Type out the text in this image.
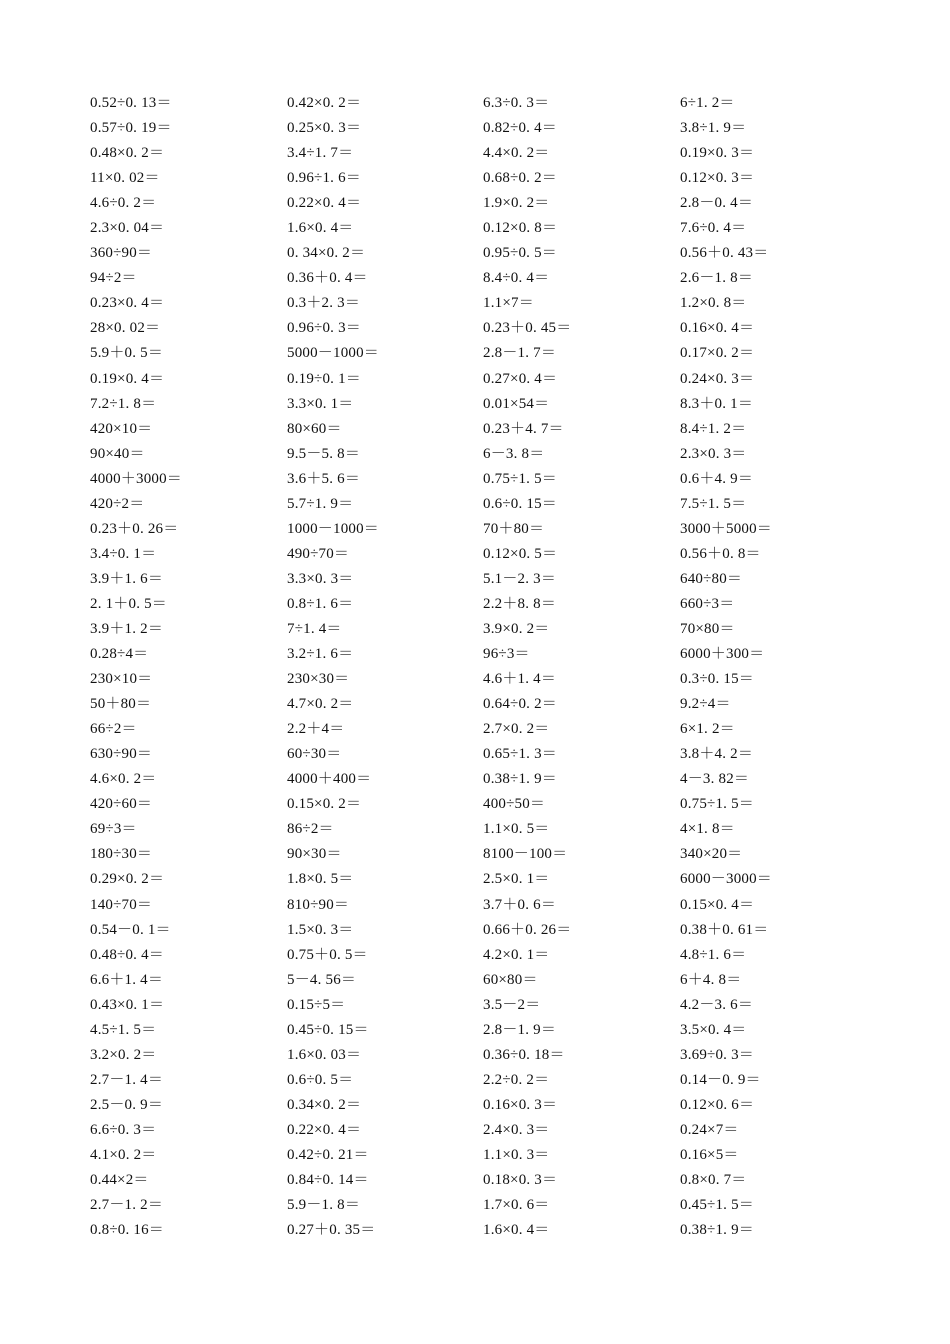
0.52÷0. 13＝
0.57÷0. 19＝
0.48×0. 2＝
11×0. 02＝
4.6÷0. 2＝
2.3×0. 04＝
360÷90＝
94÷2＝
0.23×0. 4＝
28×0. 02＝
5.9＋0. 5＝
0.19×0. 4＝
7.2÷1. 8＝
420×10＝
90×40＝
4000＋3000＝
420÷2＝
0.23＋0. 26＝
3.4÷0. 1＝
3.9＋1. 6＝
2. 1＋0. 5＝
3.9＋1. 2＝
0.28÷4＝
230×10＝
50＋80＝
66÷2＝
630÷90＝
4.6×0. 2＝
420÷60＝
69÷3＝
180÷30＝
0.29×0. 2＝
140÷70＝
0.54－0. 1＝
0.48÷0. 4＝
6.6＋1. 4＝
0.43×0. 1＝
4.5÷1. 5＝
3.2×0. 2＝
2.7－1. 4＝
2.5－0. 9＝
6.6÷0. 3＝
4.1×0. 2＝
0.44×2＝
2.7－1. 2＝
0.8÷0. 16＝
0.42×0. 2＝
0.25×0. 3＝
3.4÷1. 7＝
0.96÷1. 6＝
0.22×0. 4＝
1.6×0. 4＝
0. 34×0. 2＝
0.36＋0. 4＝
0.3＋2. 3＝
0.96÷0. 3＝
5000－1000＝
0.19÷0. 1＝
3.3×0. 1＝
80×60＝
9.5－5. 8＝
3.6＋5. 6＝
5.7÷1. 9＝
1000－1000＝
490÷70＝
3.3×0. 3＝
0.8÷1. 6＝
7÷1. 4＝
3.2÷1. 6＝
230×30＝
4.7×0. 2＝
2.2＋4＝
60÷30＝
4000＋400＝
0.15×0. 2＝
86÷2＝
90×30＝
1.8×0. 5＝
810÷90＝
1.5×0. 3＝
0.75＋0. 5＝
5－4. 56＝
0.15÷5＝
0.45÷0. 15＝
1.6×0. 03＝
0.6÷0. 5＝
0.34×0. 2＝
0.22×0. 4＝
0.42÷0. 21＝
0.84÷0. 14＝
5.9－1. 8＝
0.27＋0. 35＝
6.3÷0. 3＝
0.82÷0. 4＝
4.4×0. 2＝
0.68÷0. 2＝
1.9×0. 2＝
0.12×0. 8＝
0.95÷0. 5＝
8.4÷0. 4＝
1.1×7＝
0.23＋0. 45＝
2.8－1. 7＝
0.27×0. 4＝
0.01×54＝
0.23＋4. 7＝
6－3. 8＝
0.75÷1. 5＝
0.6÷0. 15＝
70＋80＝
0.12×0. 5＝
5.1－2. 3＝
2.2＋8. 8＝
3.9×0. 2＝
96÷3＝
4.6＋1. 4＝
0.64÷0. 2＝
2.7×0. 2＝
0.65÷1. 3＝
0.38÷1. 9＝
400÷50＝
1.1×0. 5＝
8100－100＝
2.5×0. 1＝
3.7＋0. 6＝
0.66＋0. 26＝
4.2×0. 1＝
60×80＝
3.5－2＝
2.8－1. 9＝
0.36÷0. 18＝
2.2÷0. 2＝
0.16×0. 3＝
2.4×0. 3＝
1.1×0. 3＝
0.18×0. 3＝
1.7×0. 6＝
1.6×0. 4＝
6÷1. 2＝
3.8÷1. 9＝
0.19×0. 3＝
0.12×0. 3＝
2.8－0. 4＝
7.6÷0. 4＝
0.56＋0. 43＝
2.6－1. 8＝
1.2×0. 8＝
0.16×0. 4＝
0.17×0. 2＝
0.24×0. 3＝
8.3＋0. 1＝
8.4÷1. 2＝
2.3×0. 3＝
0.6＋4. 9＝
7.5÷1. 5＝
3000＋5000＝
0.56＋0. 8＝
640÷80＝
660÷3＝
70×80＝
6000＋300＝
0.3÷0. 15＝
9.2÷4＝
6×1. 2＝
3.8＋4. 2＝
4－3. 82＝
0.75÷1. 5＝
4×1. 8＝
340×20＝
6000－3000＝
0.15×0. 4＝
0.38＋0. 61＝
4.8÷1. 6＝
6＋4. 8＝
4.2－3. 6＝
3.5×0. 4＝
3.69÷0. 3＝
0.14－0. 9＝
0.12×0. 6＝
0.24×7＝
0.16×5＝
0.8×0. 7＝
0.45÷1. 5＝
0.38÷1. 9＝
